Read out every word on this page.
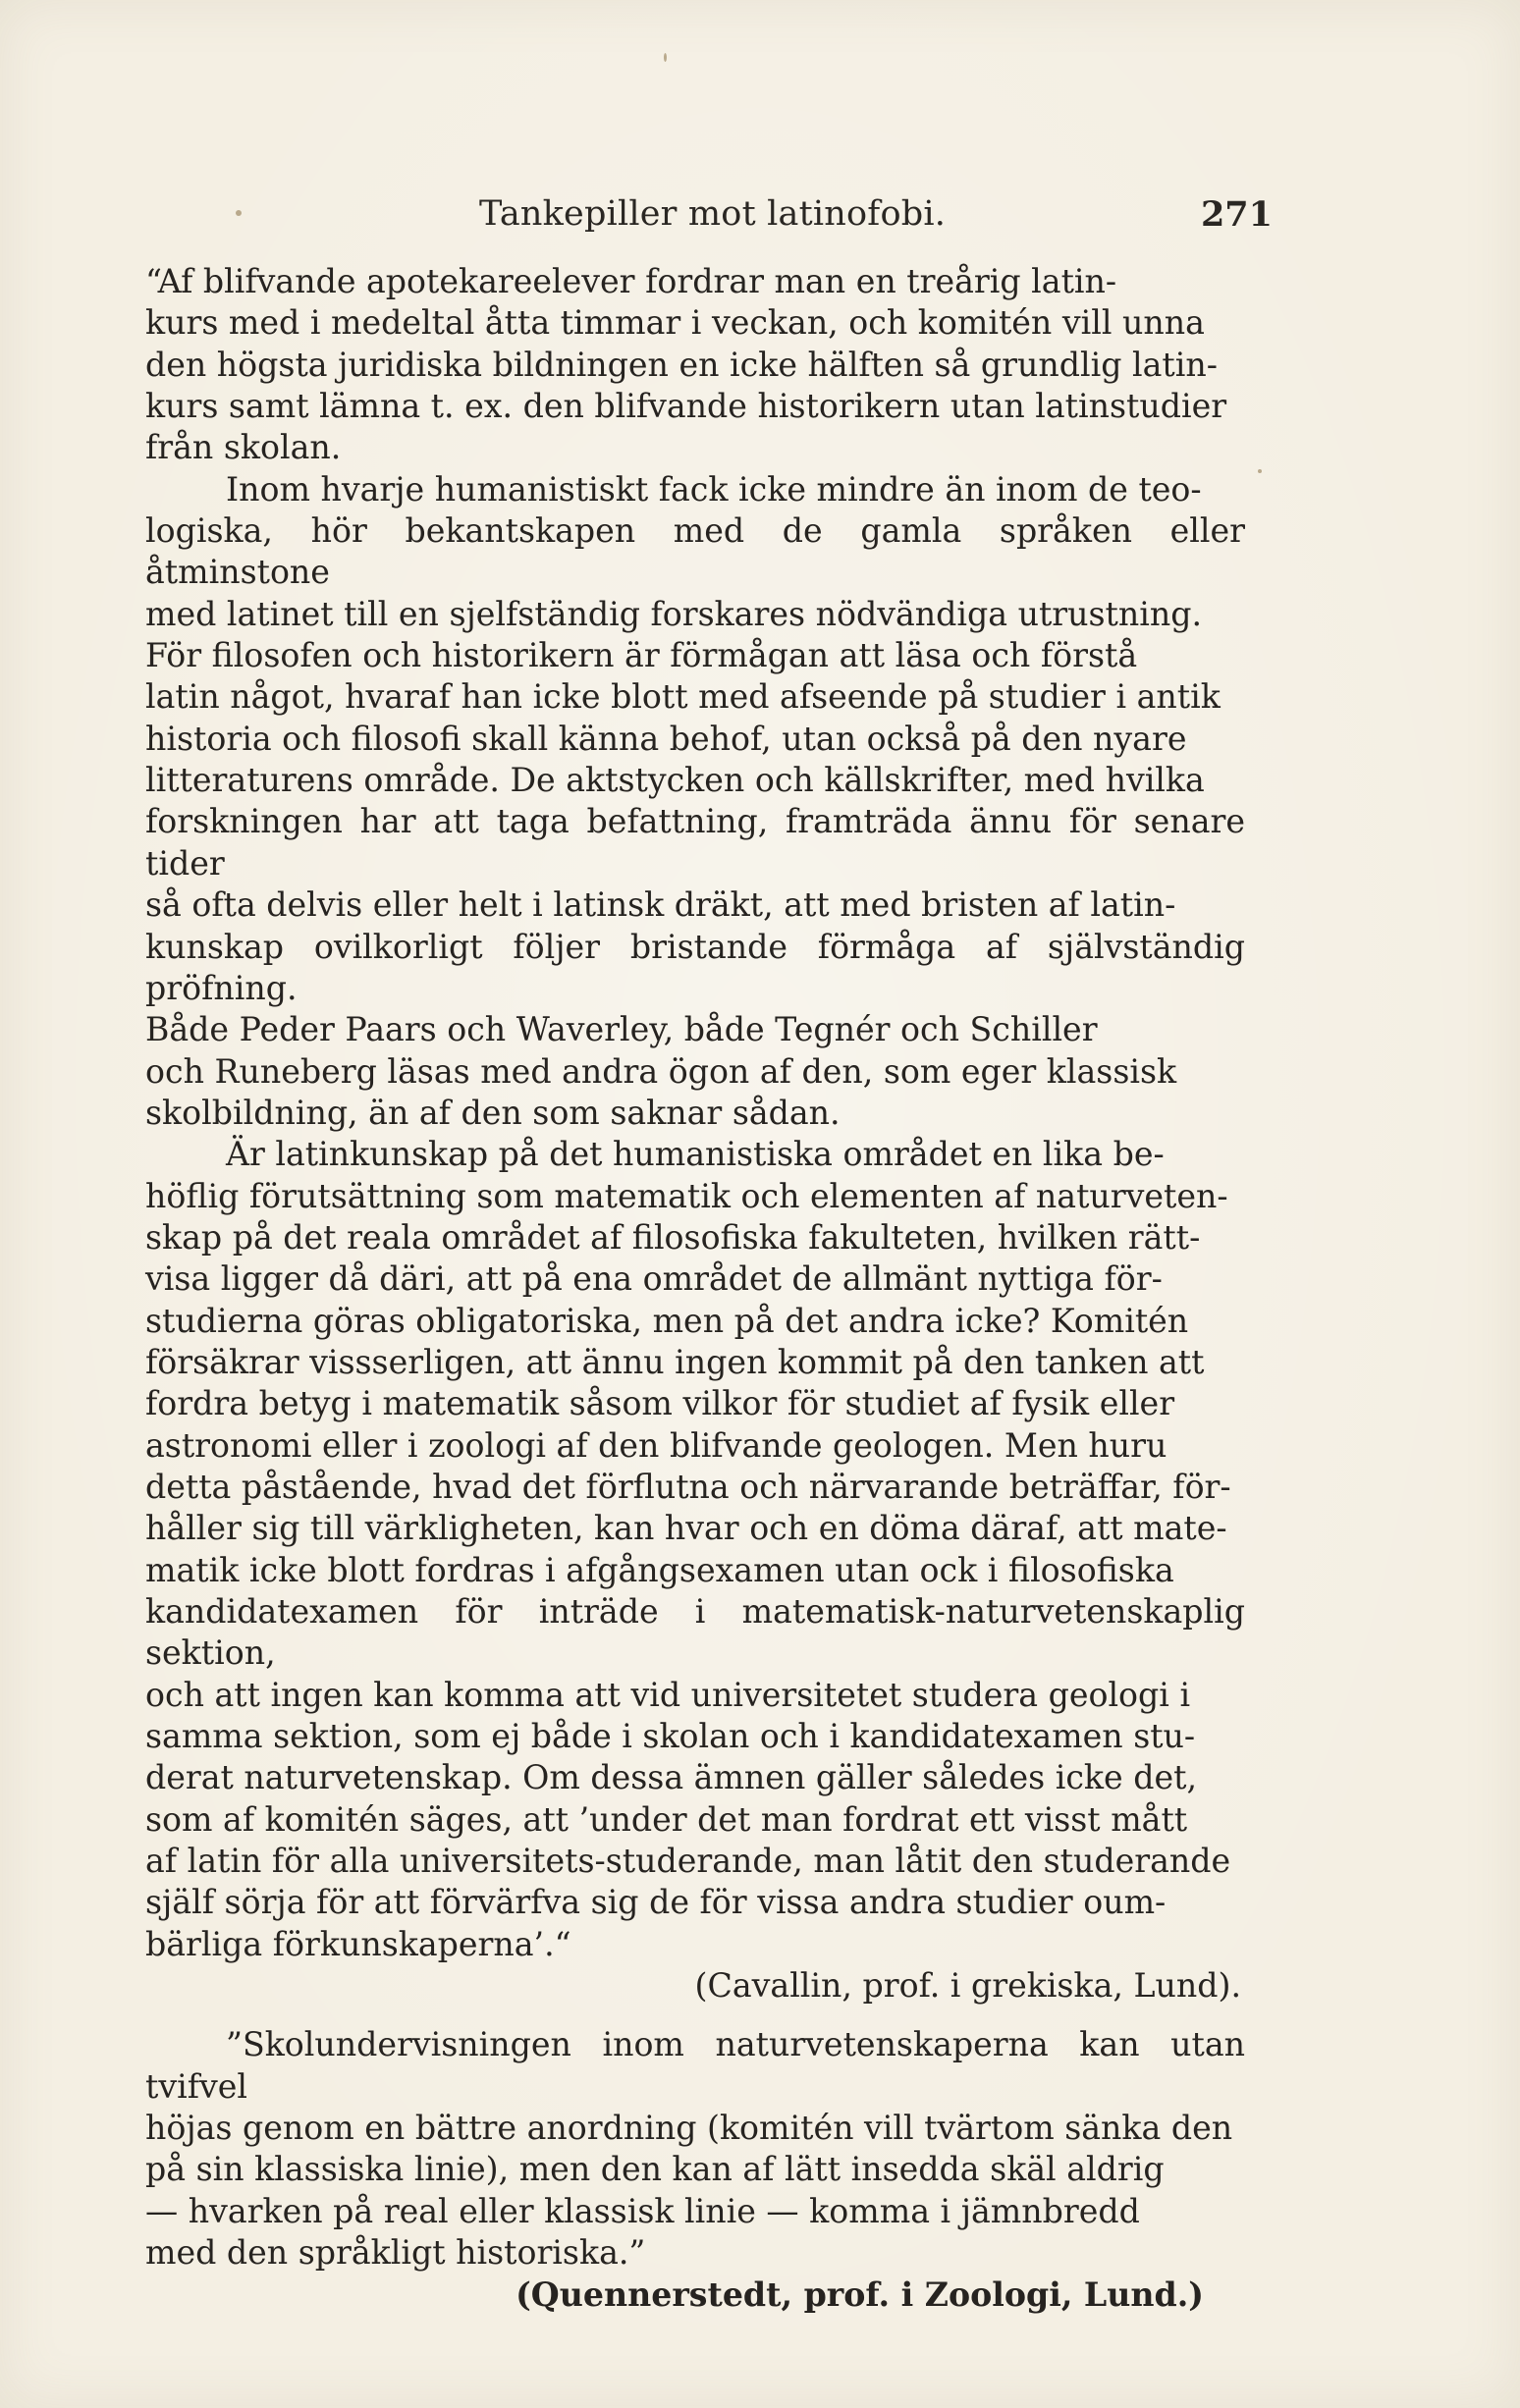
Tankepiller mot latinofobi.	271

“Af blifvande apotekareelever fordrar man en treårig latin-
kurs med i medeltal åtta timmar i veckan, och komitén vill unna
den högsta juridiska bildningen en icke hälften så grundlig latin-
kurs samt lämna t. ex. den blifvande historikern utan latinstudier
från skolan.

Inom hvarje humanistiskt fack icke mindre än inom de teo-
logiska, hör bekantskapen med de gamla språken eller åtminstone
med latinet till en sjelfständig forskares nödvändiga utrustning.
För filosofen och historikern är förmågan att läsa och förstå
latin något, hvaraf han icke blott med afseende på studier i antik
historia och filosofi skall känna behof, utan också på den nyare
litteraturens område. De aktstycken och källskrifter, med hvilka
forskningen har att taga befattning, framträda ännu för senare tider
så ofta delvis eller helt i latinsk dräkt, att med bristen af latin-
kunskap ovilkorligt följer bristande förmåga af självständig pröfning.
Både Peder Paars och Waverley, både Tegnér och Schiller
och Runeberg läsas med andra ögon af den, som eger klassisk
skolbildning, än af den som saknar sådan.

Är latinkunskap på det humanistiska området en lika be-
höflig förutsättning som matematik och elementen af naturveten-
skap på det reala området af filosofiska fakulteten, hvilken rätt-
visa ligger då däri, att på ena området de allmänt nyttiga för-
studierna göras obligatoriska, men på det andra icke? Komitén
försäkrar vissserligen, att ännu ingen kommit på den tanken att
fordra betyg i matematik såsom vilkor för studiet af fysik eller
astronomi eller i zoologi af den blifvande geologen. Men huru
detta påstående, hvad det förflutna och närvarande beträffar, för-
håller sig till värkligheten, kan hvar och en döma däraf, att mate-
matik icke blott fordras i afgångsexamen utan ock i filosofiska
kandidatexamen för inträde i matematisk-naturvetenskaplig sektion,
och att ingen kan komma att vid universitetet studera geologi i
samma sektion, som ej både i skolan och i kandidatexamen stu-
derat naturvetenskap. Om dessa ämnen gäller således icke det,
som af komitén säges, att ’under det man fordrat ett visst mått
af latin för alla universitets-studerande, man låtit den studerande
själf sörja för att förvärfva sig de för vissa andra studier oum-
bärliga förkunskaperna’.“

(Cavallin, prof. i grekiska, Lund).

”Skolundervisningen inom naturvetenskaperna kan utan tvifvel
höjas genom en bättre anordning (komitén vill tvärtom sänka den
på sin klassiska linie), men den kan af lätt insedda skäl aldrig
— hvarken på real eller klassisk linie — komma i jämnbredd
med den språkligt historiska.”

(Quennerstedt, prof. i Zoologi, Lund.)
